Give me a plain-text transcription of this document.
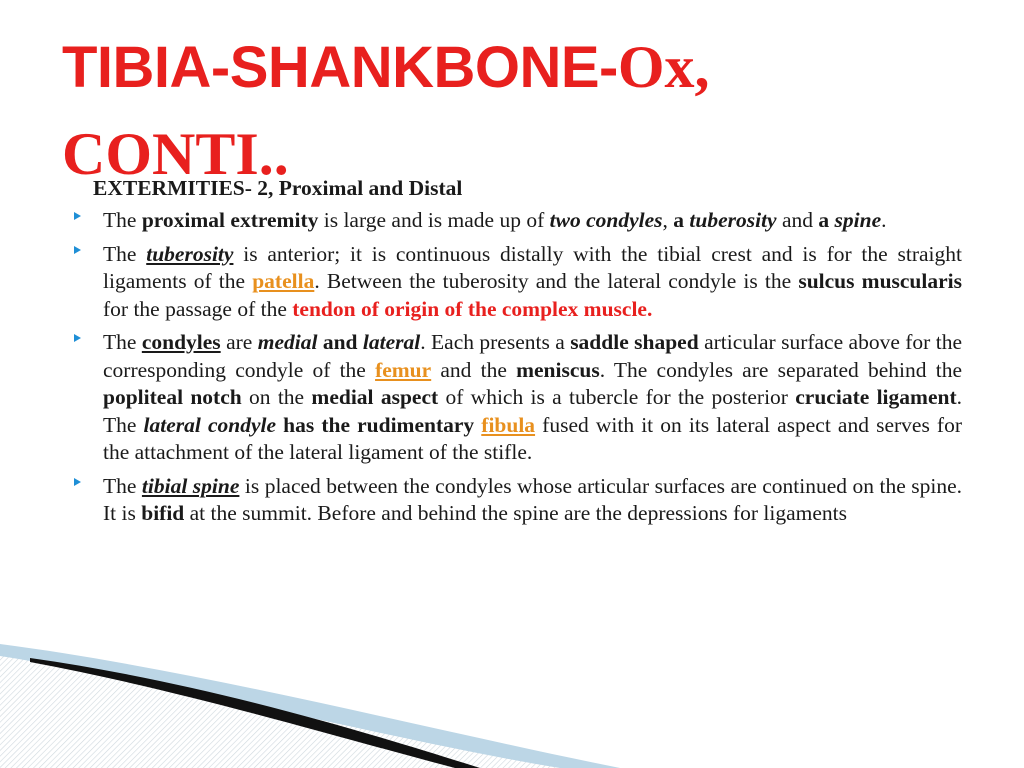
TIBIA-SHANKBONE-Ox,
CONTI..
EXTERMITIES- 2, Proximal and Distal
The proximal extremity is large and is made up of two condyles, a tuberosity and a spine.
The tuberosity is anterior; it is continuous distally with the tibial crest and is for the straight ligaments of the patella. Between the tuberosity and the lateral condyle is the sulcus muscularis for the passage of the tendon of origin of the complex muscle.
The condyles are medial and lateral. Each presents a saddle shaped articular surface above for the corresponding condyle of the femur and the meniscus. The condyles are separated behind the popliteal notch on the medial aspect of which is a tubercle for the posterior cruciate ligament. The lateral condyle has the rudimentary fibula fused with it on its lateral aspect and serves for the attachment of the lateral ligament of the stifle.
The tibial spine is placed between the condyles whose articular surfaces are continued on the spine. It is bifid at the summit. Before and behind the spine are the depressions for ligaments
